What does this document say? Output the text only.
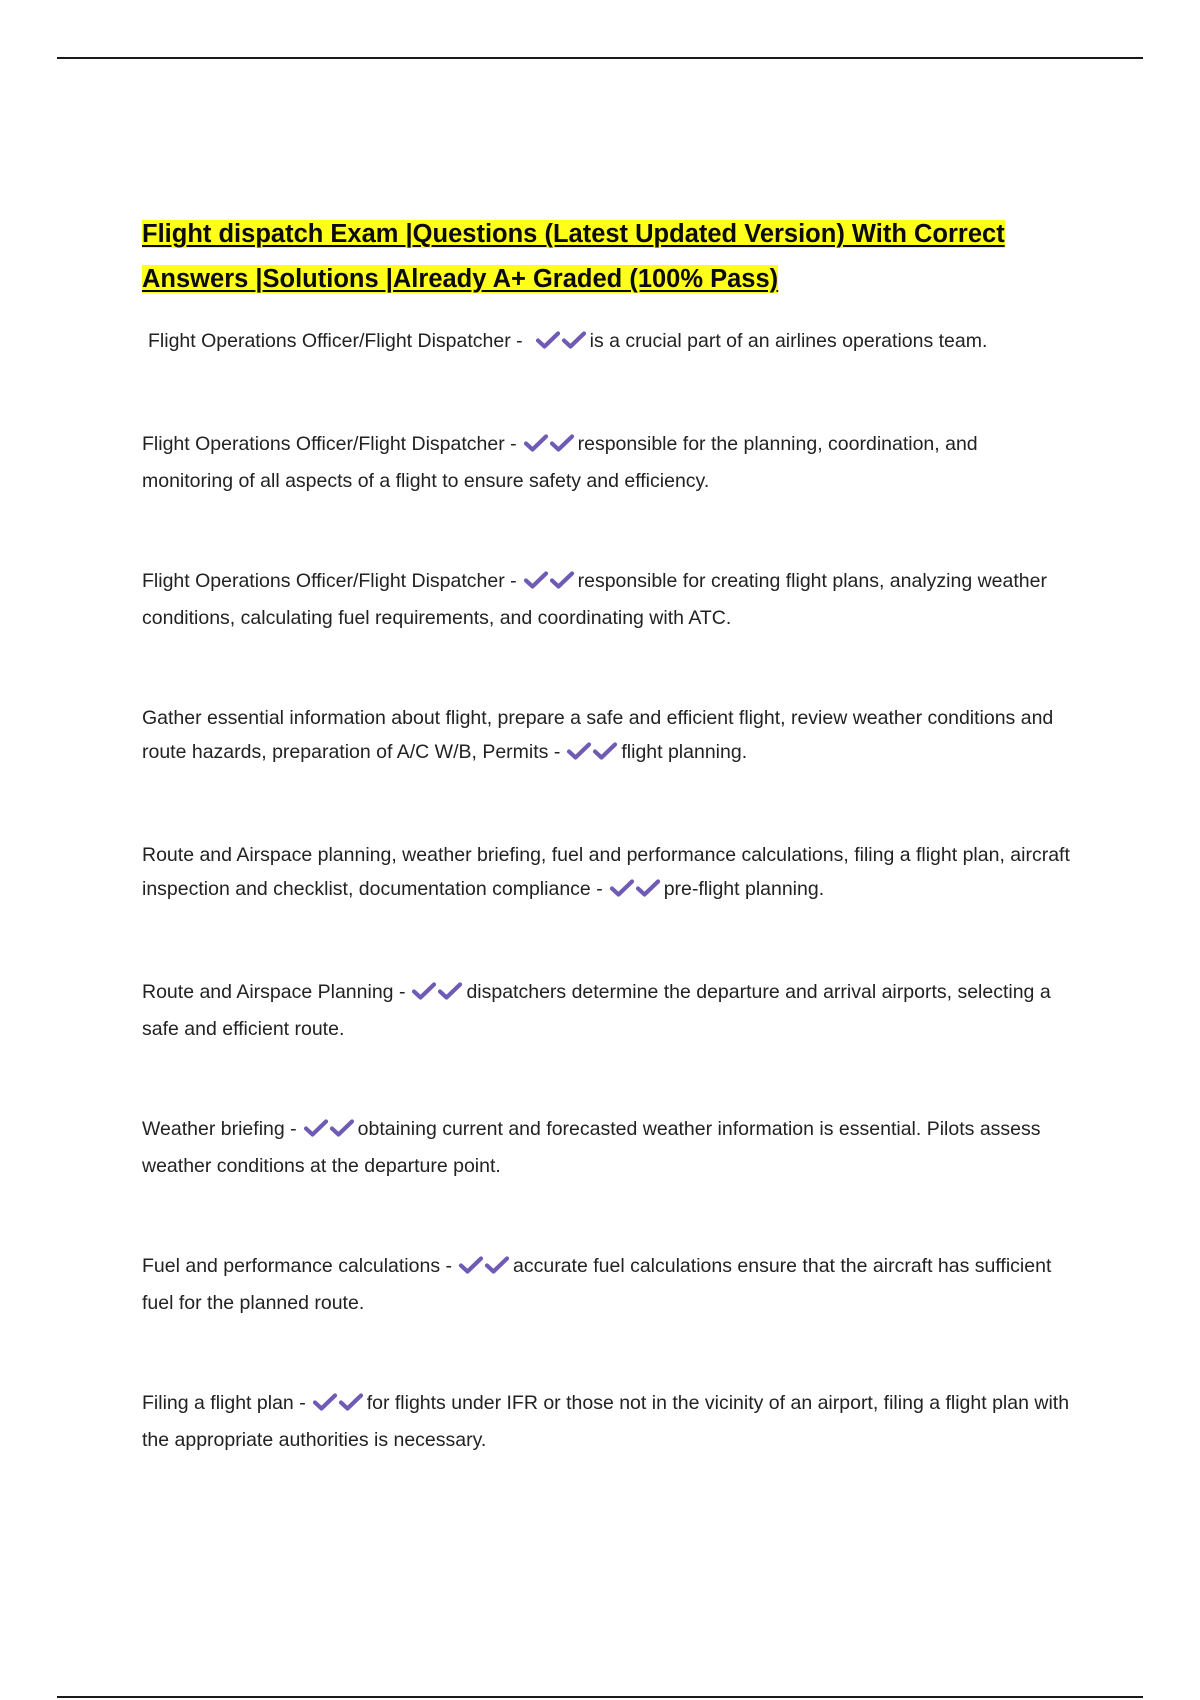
Flight dispatch Exam |Questions (Latest Updated Version) With Correct Answers |Solutions |Already A+ Graded (100% Pass)

Flight Operations Officer/Flight Dispatcher -	is a crucial part of an airlines operations team.

Flight Operations Officer/Flight Dispatcher -	responsible for the planning, coordination, and monitoring of all aspects of a flight to ensure safety and efficiency.

Flight Operations Officer/Flight Dispatcher -	responsible for creating flight plans, analyzing weather conditions, calculating fuel requirements, and coordinating with ATC.

Gather essential information about flight, prepare a safe and efficient flight, review weather conditions and route hazards, preparation of A/C W/B, Permits -	flight planning.

Route and Airspace planning, weather briefing, fuel and performance calculations, filing a flight plan, aircraft inspection and checklist, documentation compliance -	pre-flight planning.

Route and Airspace Planning -	dispatchers determine the departure and arrival airports, selecting a safe and efficient route.

Weather briefing -	obtaining current and forecasted weather information is essential. Pilots assess weather conditions at the departure point.

Fuel and performance calculations -	accurate fuel calculations ensure that the aircraft has sufficient fuel for the planned route.

Filing a flight plan -	for flights under IFR or those not in the vicinity of an airport, filing a flight plan with the appropriate authorities is necessary.
